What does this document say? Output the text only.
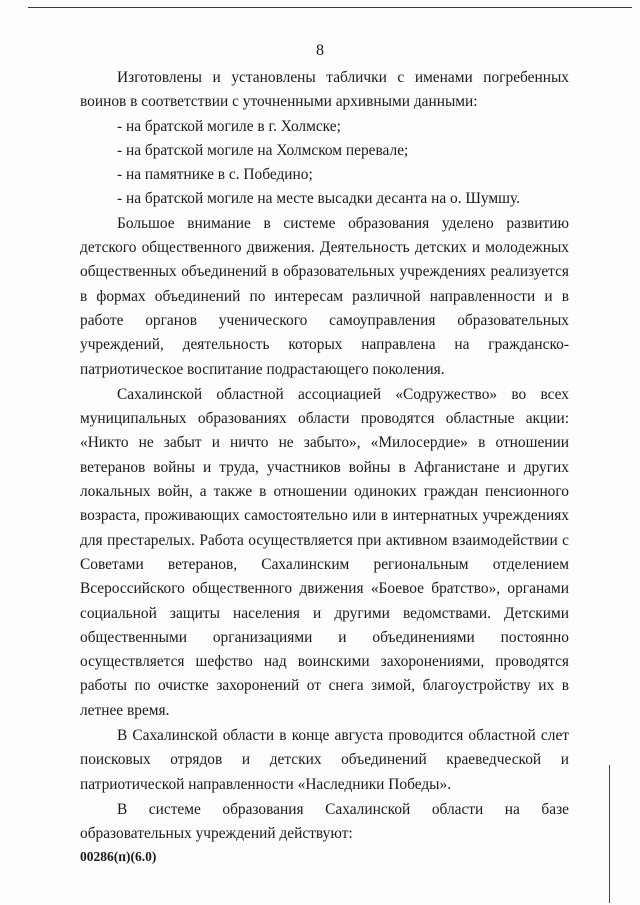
8

Изготовлены и установлены таблички с именами погребенных воинов в соответствии с уточненными архивными данными:

- на братской могиле в г. Холмске;

- на братской могиле на Холмском перевале;

- на памятнике в с. Победино;

- на братской могиле на месте высадки десанта на о. Шумшу.

Большое внимание в системе образования уделено развитию детского общественного движения. Деятельность детских и молодежных общественных объединений в образовательных учреждениях реализуется в формах объединений по интересам различной направленности и в работе органов ученического самоуправления образовательных учреждений, деятельность которых направлена на гражданско-патриотическое воспитание подрастающего поколения.

Сахалинской областной ассоциацией «Содружество» во всех муниципальных образованиях области проводятся областные акции: «Никто не забыт и ничто не забыто», «Милосердие» в отношении ветеранов войны и труда, участников войны в Афганистане и других локальных войн, а также в отношении одиноких граждан пенсионного возраста, проживающих самостоятельно или в интернатных учреждениях для престарелых. Работа осуществляется при активном взаимодействии с Советами ветеранов, Сахалинским региональным отделением Всероссийского общественного движения «Боевое братство», органами социальной защиты населения и другими ведомствами. Детскими общественными организациями и объединениями постоянно осуществляется шефство над воинскими захоронениями, проводятся работы по очистке захоронений от снега зимой, благоустройству их в летнее время.

В Сахалинской области в конце августа проводится областной слет поисковых отрядов и детских объединений краеведческой и патриотической направленности «Наследники Победы».

В системе образования Сахалинской области на базе образовательных учреждений действуют:

00286(п)(6.0)
